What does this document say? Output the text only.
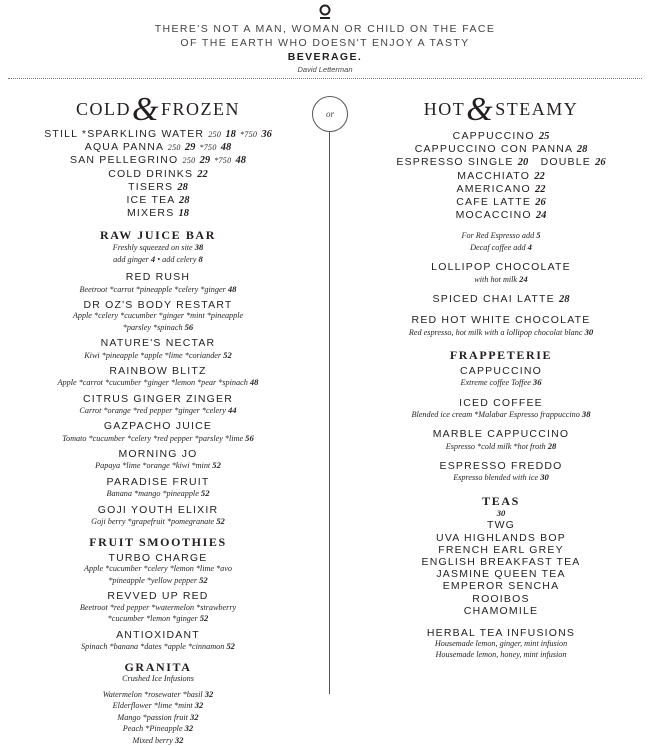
THERE'S NOT A MAN, WOMAN OR CHILD ON THE FACE
OF THE EARTH WHO DOESN'T ENJOY A TASTY
BEVERAGE.
David Letterman
or
COLD&FROZEN
STILL *SPARKLING WATER 250 18 *750 36
AQUA PANNA 250 29 *750 48
SAN PELLEGRINO 250 29 *750 48
COLD DRINKS 22
TISERS 28
ICE TEA 28
MIXERS 18
RAW JUICE BAR
Freshly squeezed on site 38
add ginger 4 • add celery 8
RED RUSH
Beetroot *carrot *pineapple *celery *ginger 48
DR OZ'S BODY RESTART
Apple *celery *cucumber *ginger *mint *pineapple
*parsley *spinach 56
NATURE'S NECTAR
Kiwi *pineapple *apple *lime *coriander 52
RAINBOW BLITZ
Apple *carrot *cucumber *ginger *lemon *pear *spinach 48
CITRUS GINGER ZINGER
Carrot *orange *red pepper *ginger *celery 44
GAZPACHO JUICE
Tomato *cucumber *celery *red pepper *parsley *lime 56
MORNING JO
Papaya *lime *orange *kiwi *mint 52
PARADISE FRUIT
Banana *mango *pineapple 52
GOJI YOUTH ELIXIR
Goji berry *grapefruit *pomegranate 52
FRUIT SMOOTHIES
TURBO CHARGE
Apple *cucumber *celery *lemon *lime *avo
*pineapple *yellow pepper 52
REVVED UP RED
Beetroot *red pepper *watermelon *strawberry
*cucumber *lemon *ginger 52
ANTIOXIDANT
Spinach *banana *dates *apple *cinnamon 52
GRANITA
Crushed Ice Infusions
Watermelon *rosewater *basil 32
Elderflower *lime *mint 32
Mango *passion fruit 32
Peach *Pineapple 32
Mixed berry 32
HOT&STEAMY
CAPPUCCINO 25
CAPPUCCINO CON PANNA 28
ESPRESSO SINGLE 20 DOUBLE 26
MACCHIATO 22
AMERICANO 22
CAFE LATTE 26
MOCACCINO 24
For Red Espresso add 5
Decaf coffee add 4
LOLLIPOP CHOCOLATE
with hot milk 24
SPICED CHAI LATTE 28
RED HOT WHITE CHOCOLATE
Red espresso, hot milk with a lollipop chocolat blanc 30
FRAPPETERIE
CAPPUCCINO
Extreme coffee Toffee 36
ICED COFFEE
Blended ice cream *Malabar Espresso frappuccino 38
MARBLE CAPPUCCINO
Espresso *cold milk *hot froth 28
ESPRESSO FREDDO
Espresso blended with ice 30
TEAS
30
TWG
UVA HIGHLANDS BOP
FRENCH EARL GREY
ENGLISH BREAKFAST TEA
JASMINE QUEEN TEA
EMPEROR SENCHA
ROOIBOS
CHAMOMILE
HERBAL TEA INFUSIONS
Housemade lemon, ginger, mint infusion
Housemade lemon, honey, mint infusion
